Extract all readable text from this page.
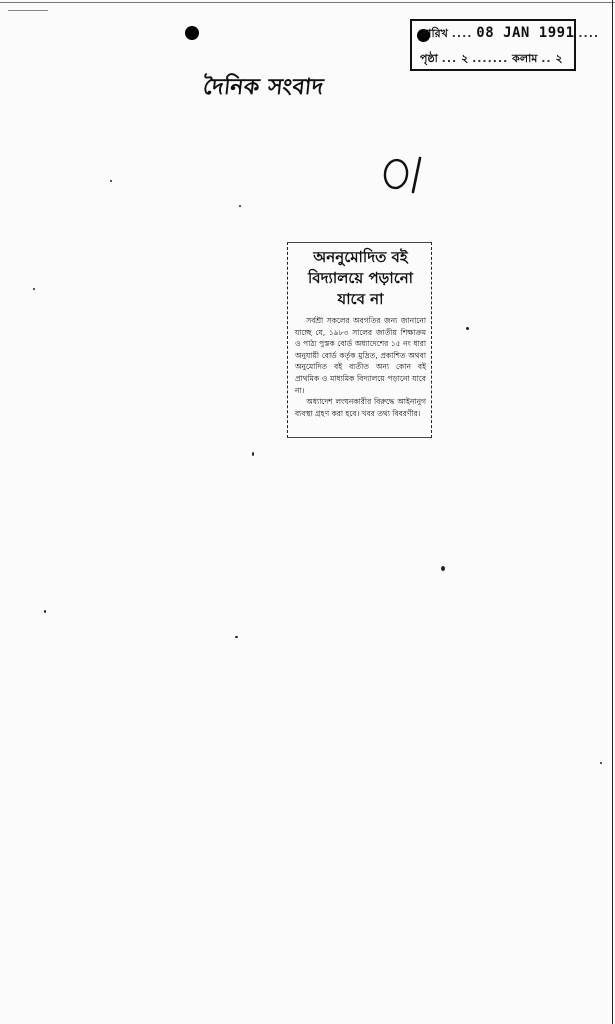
তারিখ .... 08 JAN 1991 ....
পৃষ্ঠা ... ২ ....... কলাম .. ২
দৈনিক সংবাদ
01
অননুমোদিত বই
বিদ্যালয়ে পড়ানো
যাবে না

সর্বশ্রী সকলের অবগতির জন্য জানানো যাচ্ছে যে, ১৯৮৩ সালের জাতীয় শিক্ষাক্রম ও পাঠ্য পুস্তক বোর্ড অধ্যাদেশের ১৫ নং ধারা অনুযায়ী বোর্ড কর্তৃক মুদ্রিত, প্রকাশিত অথবা অনুমোদিত বই ব্যতীত অন্য কোন বই প্রাথমিক ও মাধ্যমিক বিদ্যালয়ে পড়ানো যাবে না।

অধ্যাদেশ লংঘনকারীর বিরুদ্ধে আইনানুগ ব্যবস্থা গ্রহণ করা হবে। খবর তথ্য বিবরণীর।
